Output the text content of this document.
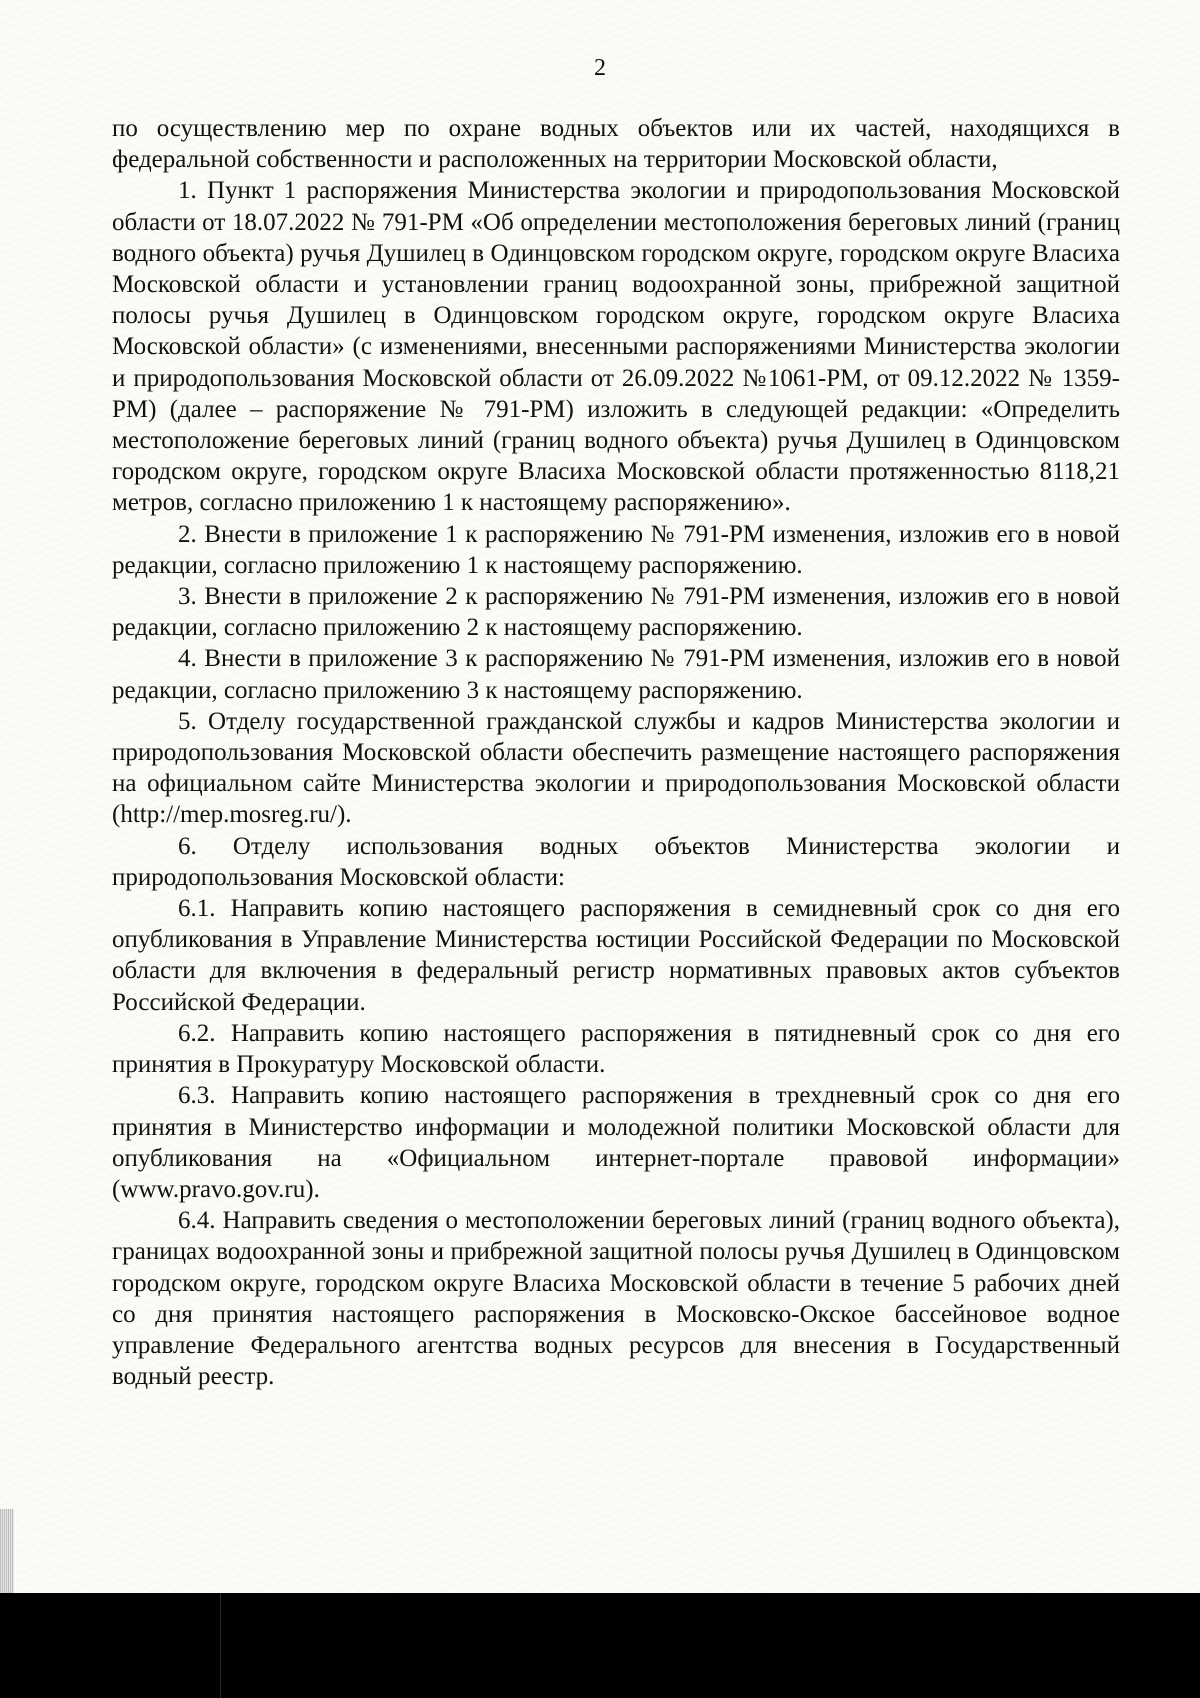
2

по осуществлению мер по охране водных объектов или их частей, находящихся в федеральной собственности и расположенных на территории Московской области,

1. Пункт 1 распоряжения Министерства экологии и природопользования Московской области от 18.07.2022 № 791-РМ «Об определении местоположения береговых линий (границ водного объекта) ручья Душилец в Одинцовском городском округе, городском округе Власиха Московской области и установлении границ водоохранной зоны, прибрежной защитной полосы ручья Душилец в Одинцовском городском округе, городском округе Власиха Московской области» (с изменениями, внесенными распоряжениями Министерства экологии и природопользования Московской области от 26.09.2022 №1061-РМ, от 09.12.2022 № 1359-РМ) (далее – распоряжение № 791-РМ) изложить в следующей редакции: «Определить местоположение береговых линий (границ водного объекта) ручья Душилец в Одинцовском городском округе, городском округе Власиха Московской области протяженностью 8118,21 метров, согласно приложению 1 к настоящему распоряжению».

2. Внести в приложение 1 к распоряжению № 791-РМ изменения, изложив его в новой редакции, согласно приложению 1 к настоящему распоряжению.

3. Внести в приложение 2 к распоряжению № 791-РМ изменения, изложив его в новой редакции, согласно приложению 2 к настоящему распоряжению.

4. Внести в приложение 3 к распоряжению № 791-РМ изменения, изложив его в новой редакции, согласно приложению 3 к настоящему распоряжению.

5. Отделу государственной гражданской службы и кадров Министерства экологии и природопользования Московской области обеспечить размещение настоящего распоряжения на официальном сайте Министерства экологии и природопользования Московской области (http://mep.mosreg.ru/).

6. Отделу использования водных объектов Министерства экологии и природопользования Московской области:

6.1. Направить копию настоящего распоряжения в семидневный срок со дня его опубликования в Управление Министерства юстиции Российской Федерации по Московской области для включения в федеральный регистр нормативных правовых актов субъектов Российской Федерации.

6.2. Направить копию настоящего распоряжения в пятидневный срок со дня его принятия в Прокуратуру Московской области.

6.3. Направить копию настоящего распоряжения в трехдневный срок со дня его принятия в Министерство информации и молодежной политики Московской области для опубликования на «Официальном интернет-портале правовой информации» (www.pravo.gov.ru).

6.4. Направить сведения о местоположении береговых линий (границ водного объекта), границах водоохранной зоны и прибрежной защитной полосы ручья Душилец в Одинцовском городском округе, городском округе Власиха Московской области в течение 5 рабочих дней со дня принятия настоящего распоряжения в Московско-Окское бассейновое водное управление Федерального агентства водных ресурсов для внесения в Государственный водный реестр.
